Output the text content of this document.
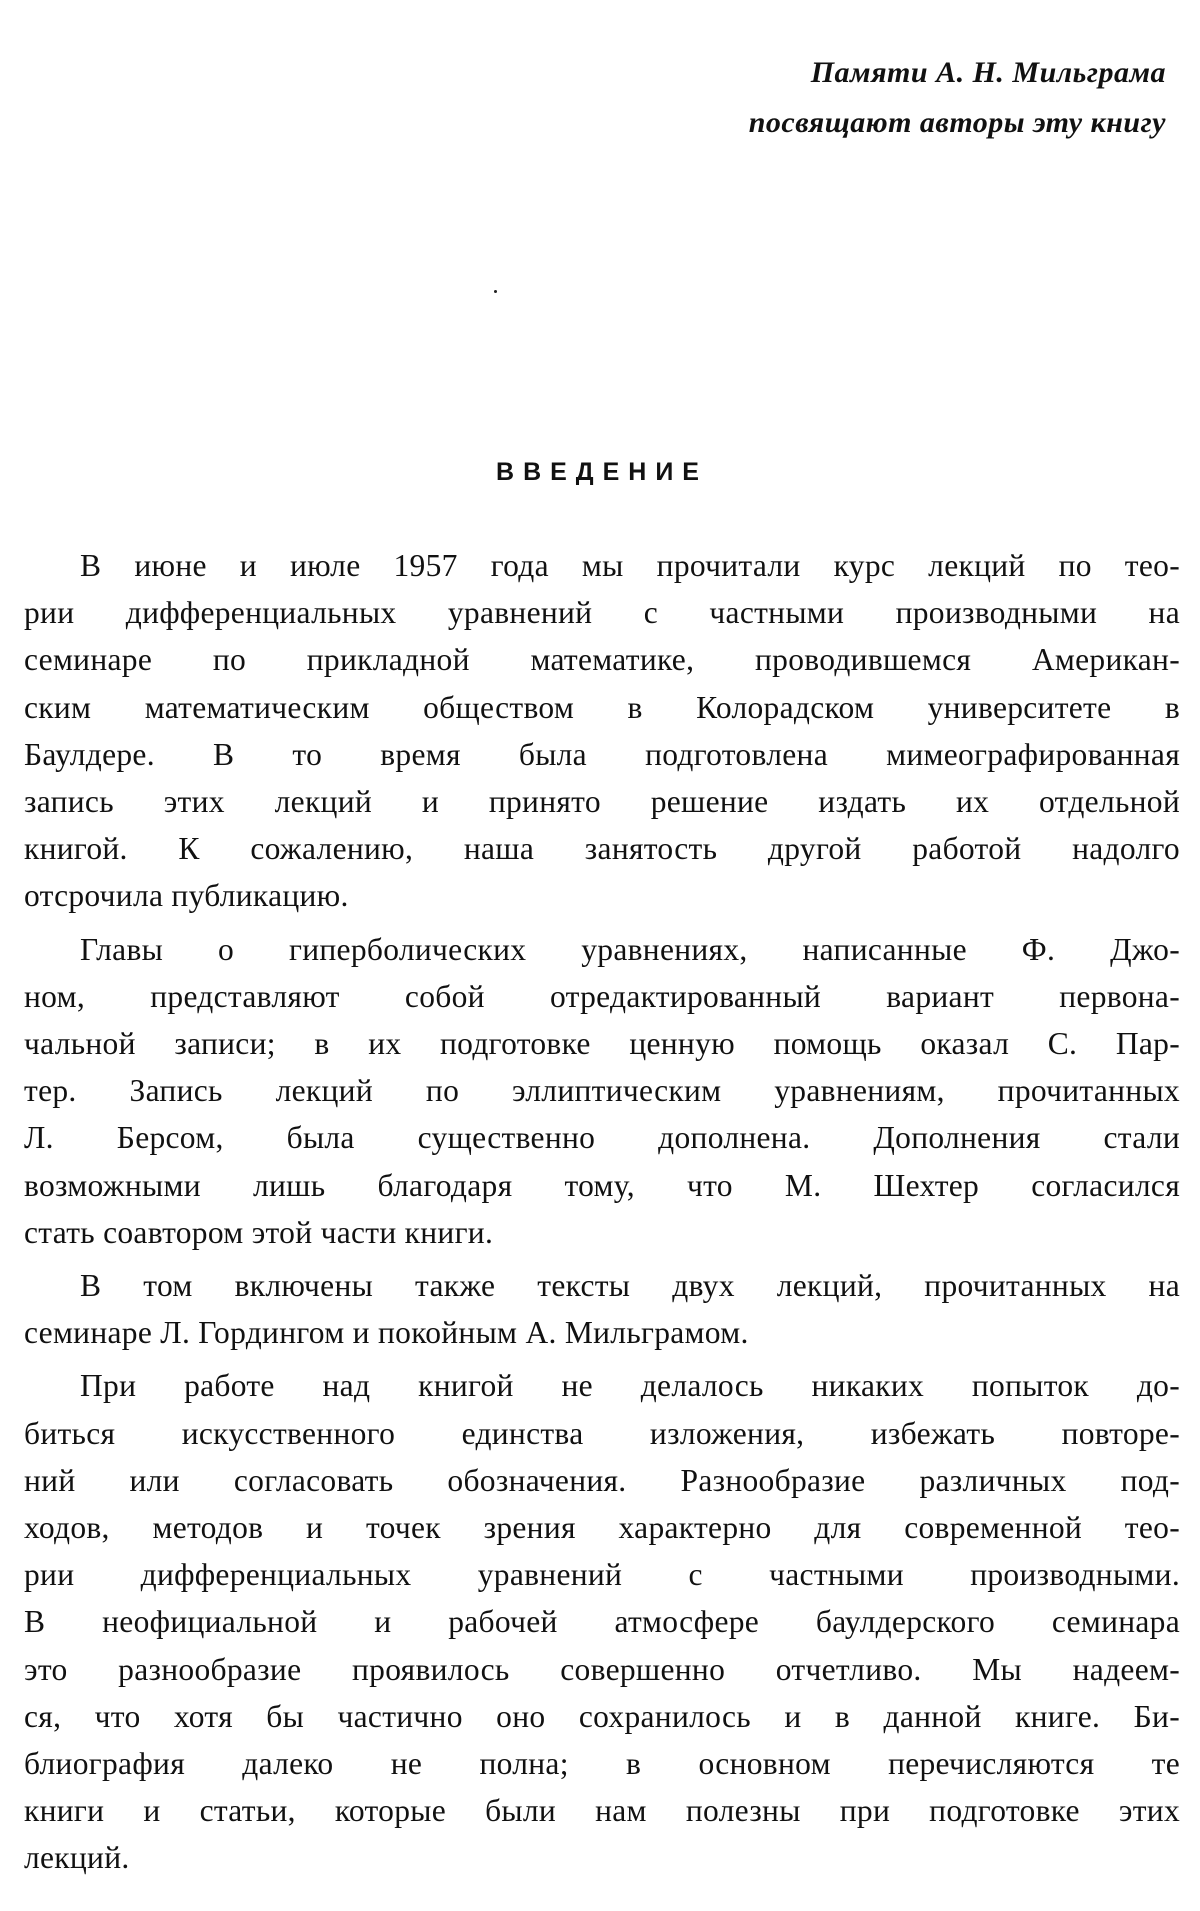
Памяти А. Н. Мильграма
посвящают авторы эту книгу
ВВЕДЕНИЕ
В июне и июле 1957 года мы прочитали курс лекций по тео-
рии дифференциальных уравнений с частными производными на
семинаре по прикладной математике, проводившемся Американ-
ским математическим обществом в Колорадском университете в
Баулдере. В то время была подготовлена мимеографированная
запись этих лекций и принято решение издать их отдельной
книгой. К сожалению, наша занятость другой работой надолго
отсрочила публикацию.
Главы о гиперболических уравнениях, написанные Ф. Джо-
ном, представляют собой отредактированный вариант первона-
чальной записи; в их подготовке ценную помощь оказал С. Пар-
тер. Запись лекций по эллиптическим уравнениям, прочитанных
Л. Берсом, была существенно дополнена. Дополнения стали
возможными лишь благодаря тому, что М. Шехтер согласился
стать соавтором этой части книги.
В том включены также тексты двух лекций, прочитанных на
семинаре Л. Гордингом и покойным А. Мильграмом.
При работе над книгой не делалось никаких попыток до-
биться искусственного единства изложения, избежать повторе-
ний или согласовать обозначения. Разнообразие различных под-
ходов, методов и точек зрения характерно для современной тео-
рии дифференциальных уравнений с частными производными.
В неофициальной и рабочей атмосфере баулдерского семинара
это разнообразие проявилось совершенно отчетливо. Мы надеем-
ся, что хотя бы частично оно сохранилось и в данной книге. Би-
блиография далеко не полна; в основном перечисляются те
книги и статьи, которые были нам полезны при подготовке этих
лекций.
